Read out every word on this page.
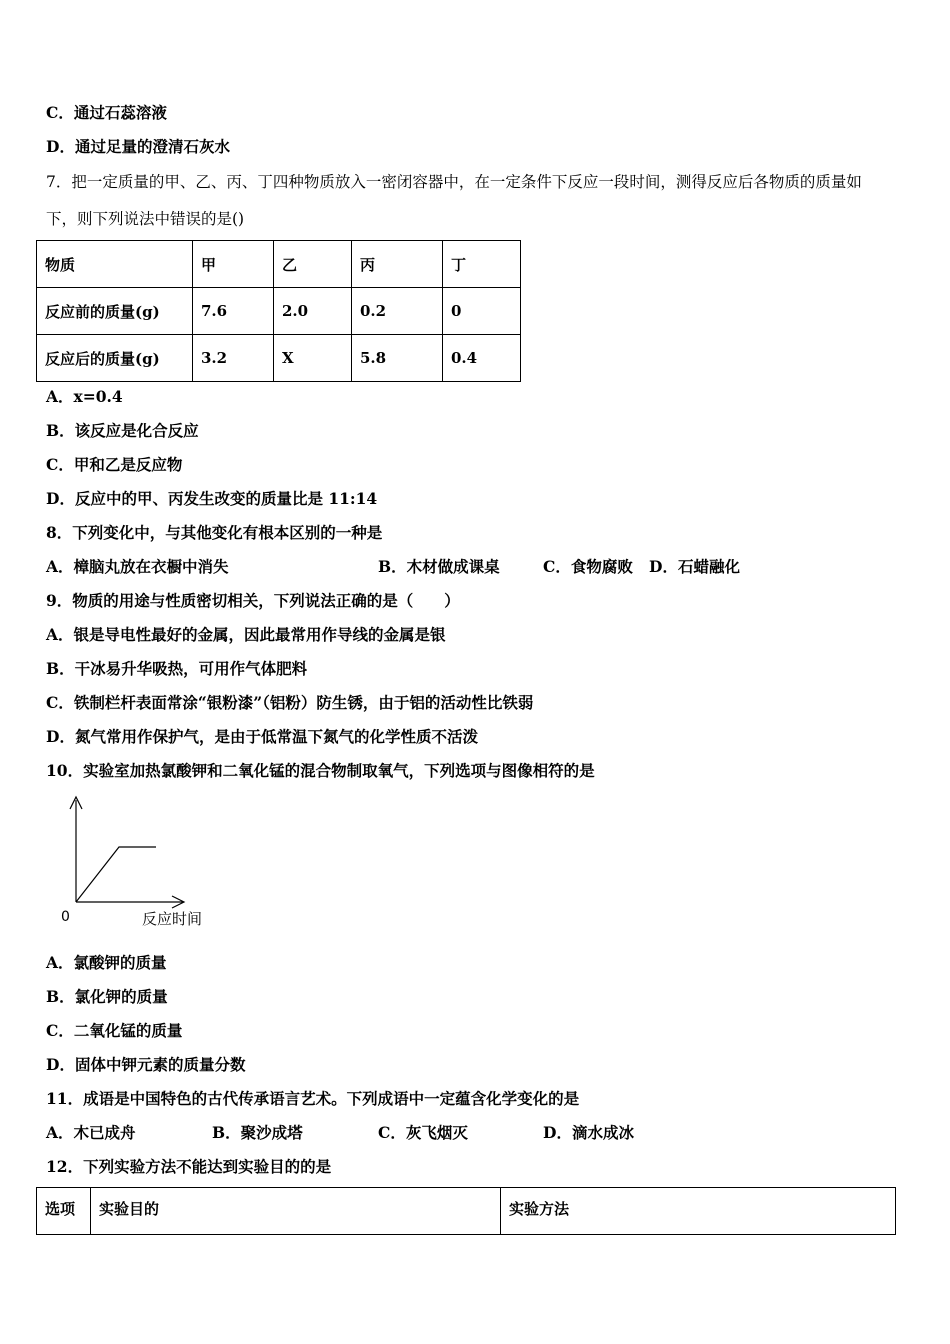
C．通过石蕊溶液
D．通过足量的澄清石灰水
7．把一定质量的甲、乙、丙、丁四种物质放入一密闭容器中，在一定条件下反应一段时间，测得反应后各物质的质量如
下，则下列说法中错误的是()
物质	甲	乙	丙	丁
反应前的质量(g)	7.6	2.0	0.2	0
反应后的质量(g)	3.2	X	5.8	0.4
A．x=0.4
B．该反应是化合反应
C．甲和乙是反应物
D．反应中的甲、丙发生改变的质量比是 11:14
8．下列变化中，与其他变化有根本区别的一种是
A．樟脑丸放在衣橱中消失	B．木材做成课桌	C．食物腐败 D．石蜡融化
9．物质的用途与性质密切相关，下列说法正确的是（　　）
A．银是导电性最好的金属，因此最常用作导线的金属是银
B．干冰易升华吸热，可用作气体肥料
C．铁制栏杆表面常涂“银粉漆”（铝粉）防生锈，由于铝的活动性比铁弱
D．氮气常用作保护气，是由于低常温下氮气的化学性质不活泼
10．实验室加热氯酸钾和二氧化锰的混合物制取氧气，下列选项与图像相符的是
0	反应时间
A．氯酸钾的质量
B．氯化钾的质量
C．二氧化锰的质量
D．固体中钾元素的质量分数
11．成语是中国特色的古代传承语言艺术。下列成语中一定蕴含化学变化的是
A．木已成舟	B．聚沙成塔	C．灰飞烟灭	D．滴水成冰
12．下列实验方法不能达到实验目的的是
选项	实验目的	实验方法
